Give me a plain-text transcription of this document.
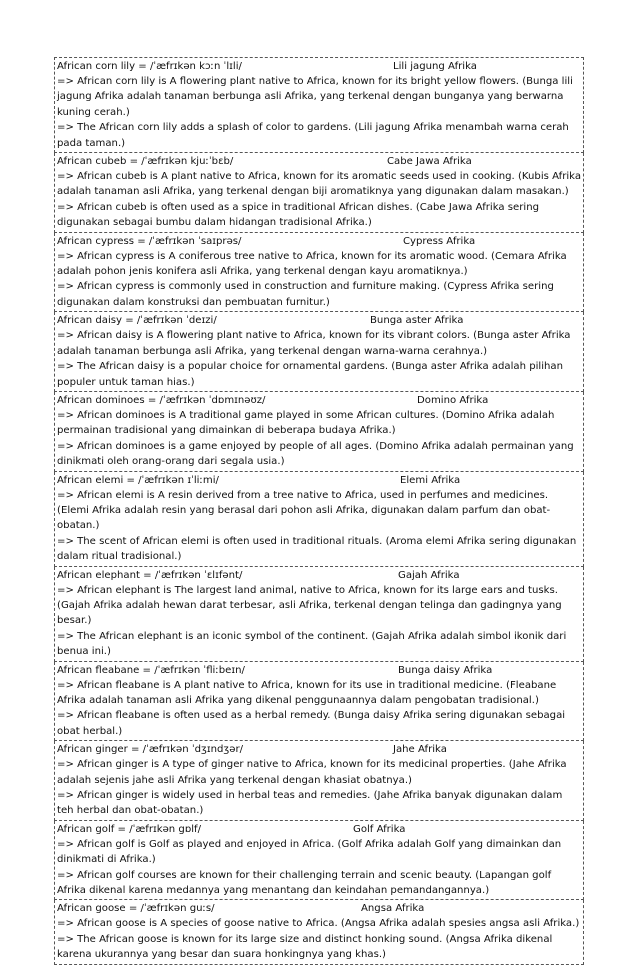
African corn lily = /ˈæfrɪkən kɔːn ˈlɪli/	Lili jagung Afrika

=> African corn lily is A flowering plant native to Africa, known for its bright yellow flowers. (Bunga lili jagung Afrika adalah tanaman berbunga asli Afrika, yang terkenal dengan bunganya yang berwarna kuning cerah.)

=> The African corn lily adds a splash of color to gardens. (Lili jagung Afrika menambah warna cerah pada taman.)

African cubeb = /ˈæfrɪkən kjuːˈbɛb/	Cabe Jawa Afrika

=> African cubeb is A plant native to Africa, known for its aromatic seeds used in cooking. (Kubis Afrika adalah tanaman asli Afrika, yang terkenal dengan biji aromatiknya yang digunakan dalam masakan.)

=> African cubeb is often used as a spice in traditional African dishes. (Cabe Jawa Afrika sering digunakan sebagai bumbu dalam hidangan tradisional Afrika.)

African cypress = /ˈæfrɪkən ˈsaɪprəs/	Cypress Afrika

=> African cypress is A coniferous tree native to Africa, known for its aromatic wood. (Cemara Afrika adalah pohon jenis konifera asli Afrika, yang terkenal dengan kayu aromatiknya.)

=> African cypress is commonly used in construction and furniture making. (Cypress Afrika sering digunakan dalam konstruksi dan pembuatan furnitur.)

African daisy = /ˈæfrɪkən ˈdeɪzi/	Bunga aster Afrika

=> African daisy is A flowering plant native to Africa, known for its vibrant colors. (Bunga aster Afrika adalah tanaman berbunga asli Afrika, yang terkenal dengan warna-warna cerahnya.)

=> The African daisy is a popular choice for ornamental gardens. (Bunga aster Afrika adalah pilihan populer untuk taman hias.)

African dominoes = /ˈæfrɪkən ˈdɒmɪnəʊz/	Domino Afrika

=> African dominoes is A traditional game played in some African cultures. (Domino Afrika adalah permainan tradisional yang dimainkan di beberapa budaya Afrika.)

=> African dominoes is a game enjoyed by people of all ages. (Domino Afrika adalah permainan yang dinikmati oleh orang-orang dari segala usia.)

African elemi = /ˈæfrɪkən ɪˈliːmi/	Elemi Afrika

=> African elemi is A resin derived from a tree native to Africa, used in perfumes and medicines. (Elemi Afrika adalah resin yang berasal dari pohon asli Afrika, digunakan dalam parfum dan obat-obatan.)

=> The scent of African elemi is often used in traditional rituals. (Aroma elemi Afrika sering digunakan dalam ritual tradisional.)

African elephant = /ˈæfrɪkən ˈɛlɪfənt/	Gajah Afrika

=> African elephant is The largest land animal, native to Africa, known for its large ears and tusks. (Gajah Afrika adalah hewan darat terbesar, asli Afrika, terkenal dengan telinga dan gadingnya yang besar.)

=> The African elephant is an iconic symbol of the continent. (Gajah Afrika adalah simbol ikonik dari benua ini.)

African fleabane = /ˈæfrɪkən ˈfliːbeɪn/	Bunga daisy Afrika

=> African fleabane is A plant native to Africa, known for its use in traditional medicine. (Fleabane Afrika adalah tanaman asli Afrika yang dikenal penggunaannya dalam pengobatan tradisional.)

=> African fleabane is often used as a herbal remedy. (Bunga daisy Afrika sering digunakan sebagai obat herbal.)

African ginger = /ˈæfrɪkən ˈdʒɪndʒər/	Jahe Afrika

=> African ginger is A type of ginger native to Africa, known for its medicinal properties. (Jahe Afrika adalah sejenis jahe asli Afrika yang terkenal dengan khasiat obatnya.)

=> African ginger is widely used in herbal teas and remedies. (Jahe Afrika banyak digunakan dalam teh herbal dan obat-obatan.)

African golf = /ˈæfrɪkən gɒlf/	Golf Afrika

=> African golf is Golf as played and enjoyed in Africa. (Golf Afrika adalah Golf yang dimainkan dan dinikmati di Afrika.)

=> African golf courses are known for their challenging terrain and scenic beauty. (Lapangan golf Afrika dikenal karena medannya yang menantang dan keindahan pemandangannya.)

African goose = /ˈæfrɪkən guːs/	Angsa Afrika

=> African goose is A species of goose native to Africa. (Angsa Afrika adalah spesies angsa asli Afrika.)

=> The African goose is known for its large size and distinct honking sound. (Angsa Afrika dikenal karena ukurannya yang besar dan suara honkingnya yang khas.)
